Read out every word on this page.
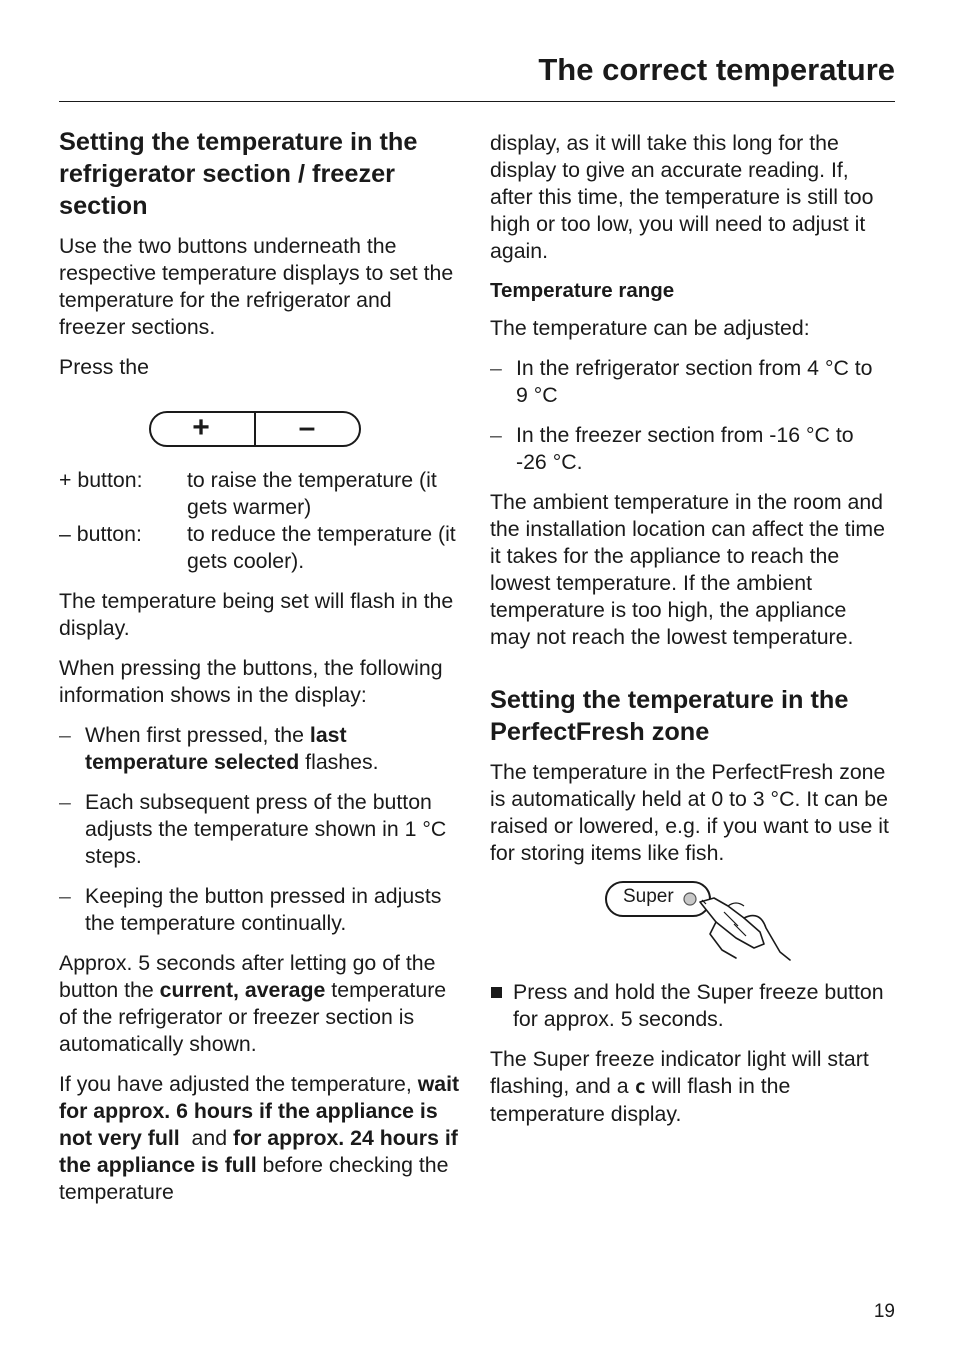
The correct temperature
Setting the temperature in the refrigerator section / freezer section

Use the two buttons underneath the respective temperature displays to set the temperature for the refrigerator and freezer sections.

Press the

+	–
+ button:	to raise the temperature (it gets warmer)
– button:	to reduce the temperature (it gets cooler).

The temperature being set will flash in the display.

When pressing the buttons, the following information shows in the display:

– When first pressed, the last temperature selected flashes.
– Each subsequent press of the button adjusts the temperature shown in 1 °C steps.
– Keeping the button pressed in adjusts the temperature continually.

Approx. 5 seconds after letting go of the button the current, average temperature of the refrigerator or freezer section is automatically shown.

If you have adjusted the temperature, wait for approx. 6 hours if the appliance is not very full  and for approx. 24 hours if the appliance is full before checking the temperature

display, as it will take this long for the display to give an accurate reading. If, after this time, the temperature is still too high or too low, you will need to adjust it again.

Temperature range

The temperature can be adjusted:

– In the refrigerator section from 4 °C to 9 °C
– In the freezer section from -16 °C to -26 °C.

The ambient temperature in the room and the installation location can affect the time it takes for the appliance to reach the lowest temperature. If the ambient temperature is too high, the appliance may not reach the lowest temperature.

Setting the temperature in the PerfectFresh zone

The temperature in the PerfectFresh zone is automatically held at 0 to 3 °C. It can be raised or lowered, e.g. if you want to use it for storing items like fish.

Super
Press and hold the Super freeze button for approx. 5 seconds.

The Super freeze indicator light will start flashing, and a c will flash in the temperature display.

19
